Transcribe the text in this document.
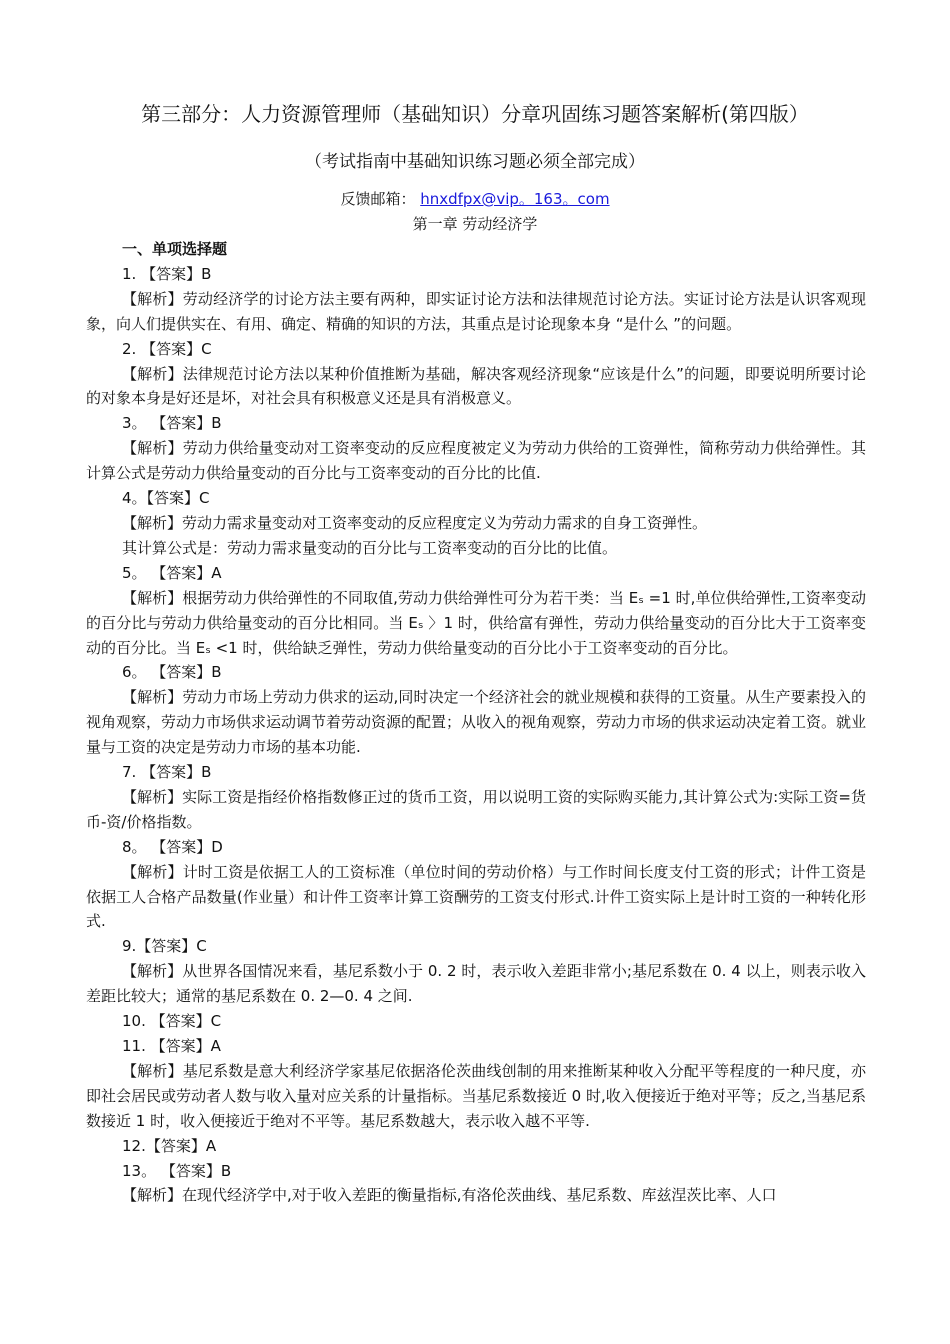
第三部分：人力资源管理师（基础知识）分章巩固练习题答案解析(第四版）
（考试指南中基础知识练习题必须全部完成）
反馈邮箱： hnxdfpx@vip。163。com
第一章 劳动经济学

一、单项选择题

1. 【答案】B

【解析】劳动经济学的讨论方法主要有两种，即实证讨论方法和法律规范讨论方法。实证讨论方法是认识客观现象，向人们提供实在、有用、确定、精确的知识的方法，其重点是讨论现象本身 “是什么 ”的问题。

2. 【答案】C

【解析】法律规范讨论方法以某种价值推断为基础，解决客观经济现象“应该是什么”的问题，即要说明所要讨论的对象本身是好还是坏，对社会具有积极意义还是具有消极意义。

3。 【答案】B

【解析】劳动力供给量变动对工资率变动的反应程度被定义为劳动力供给的工资弹性，简称劳动力供给弹性。其计算公式是劳动力供给量变动的百分比与工资率变动的百分比的比值.

4。【答案】C

【解析】劳动力需求量变动对工资率变动的反应程度定义为劳动力需求的自身工资弹性。

其计算公式是：劳动力需求量变动的百分比与工资率变动的百分比的比值。

5。 【答案】A

【解析】根据劳动力供给弹性的不同取值,劳动力供给弹性可分为若干类：当 Eₛ =1 时,单位供给弹性,工资率变动的百分比与劳动力供给量变动的百分比相同。当 Eₛ 〉1 时，供给富有弹性，劳动力供给量变动的百分比大于工资率变动的百分比。当 Eₛ <1 时，供给缺乏弹性，劳动力供给量变动的百分比小于工资率变动的百分比。

6。 【答案】B

【解析】劳动力市场上劳动力供求的运动,同时决定一个经济社会的就业规模和获得的工资量。从生产要素投入的视角观察，劳动力市场供求运动调节着劳动资源的配置；从收入的视角观察，劳动力市场的供求运动决定着工资。就业量与工资的决定是劳动力市场的基本功能.

7. 【答案】B

【解析】实际工资是指经价格指数修正过的货币工资，用以说明工资的实际购买能力,其计算公式为:实际工资=货币-资/价格指数。

8。 【答案】D

【解析】计时工资是依据工人的工资标准（单位时间的劳动价格）与工作时间长度支付工资的形式；计件工资是依据工人合格产品数量(作业量）和计件工资率计算工资酬劳的工资支付形式.计件工资实际上是计时工资的一种转化形式.

9.【答案】C

【解析】从世界各国情况来看，基尼系数小于 0. 2 时，表示收入差距非常小;基尼系数在 0. 4 以上，则表示收入差距比较大；通常的基尼系数在 0. 2—0. 4 之间.

10. 【答案】C

11. 【答案】A

【解析】基尼系数是意大利经济学家基尼依据洛伦茨曲线创制的用来推断某种收入分配平等程度的一种尺度，亦即社会居民或劳动者人数与收入量对应关系的计量指标。当基尼系数接近 0 时,收入便接近于绝对平等；反之,当基尼系数接近 1 时，收入便接近于绝对不平等。基尼系数越大，表示收入越不平等.

12.【答案】A

13。 【答案】B

【解析】在现代经济学中,对于收入差距的衡量指标,有洛伦茨曲线、基尼系数、库兹涅茨比率、人口
